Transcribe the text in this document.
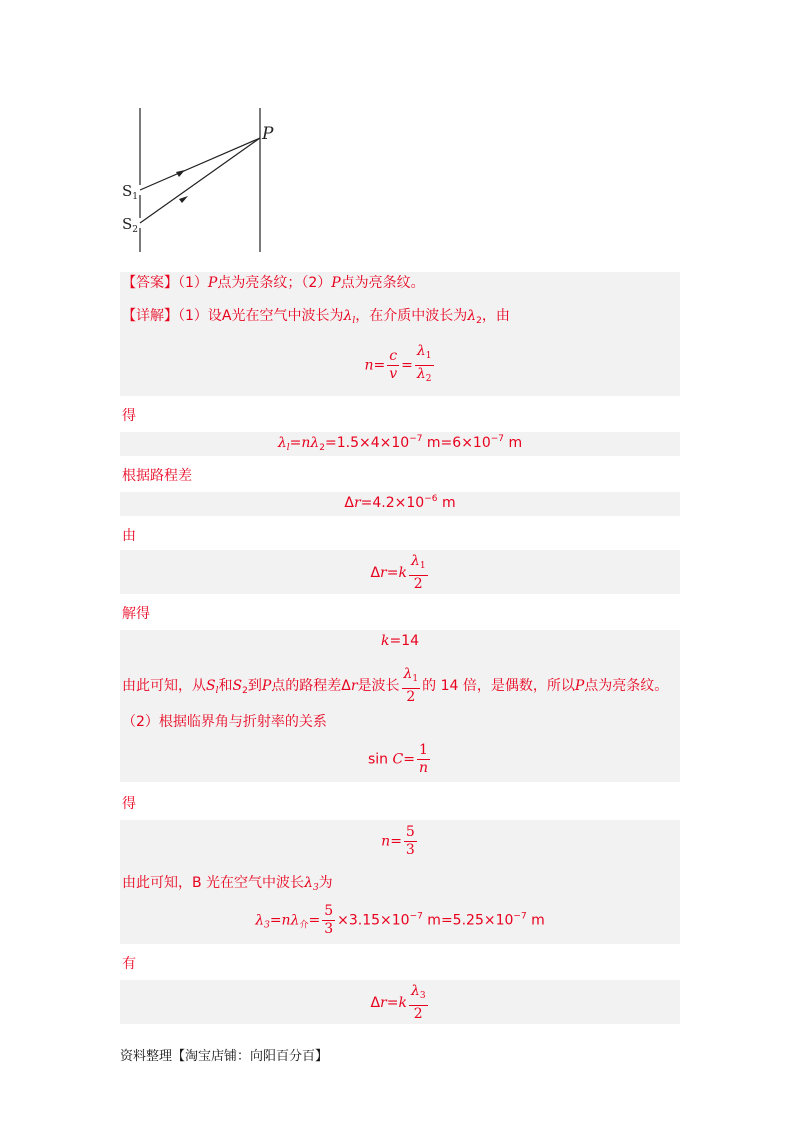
P
$S_1$
$S_2$
【答案】（1）P点为亮条纹；（2）P点为亮条纹。
【详解】（1）设A光在空气中波长为$\lambda_l$，在介质中波长为$\lambda_2$，由
$n= \frac{c}{v} = \frac{\lambda_1}{\lambda_2}$
得
$\lambda_l=n\lambda_2=1.5\times 4\times 10^{-7}$ $m=6\times 10^{-7}$ m
根据路程差
$\Delta r=4.2\times 10^{-6}$ m
由
$\Delta r=k \frac{\lambda_1}{2}$
解得
k=14
由此可知，从$S_l$和$S_2$到P点的路程差Δr是波长 $\frac{\lambda_1}{2}$ 的 14 倍，是偶数，所以P点为亮条纹。
（2）根据临界角与折射率的关系
$\sin C= \frac{1}{n}$
得
$n= \frac{5}{3}$
由此可知，B 光在空气中波长$\lambda_3$为
$\lambda_3=n\lambda_介= \frac{5}{3} \times 3.15\times 10^{-7}$ $m=5.25\times 10^{-7}$ m
有
$\Delta r=k \frac{\lambda_3}{2}$
资料整理【淘宝店铺：向阳百分百】
